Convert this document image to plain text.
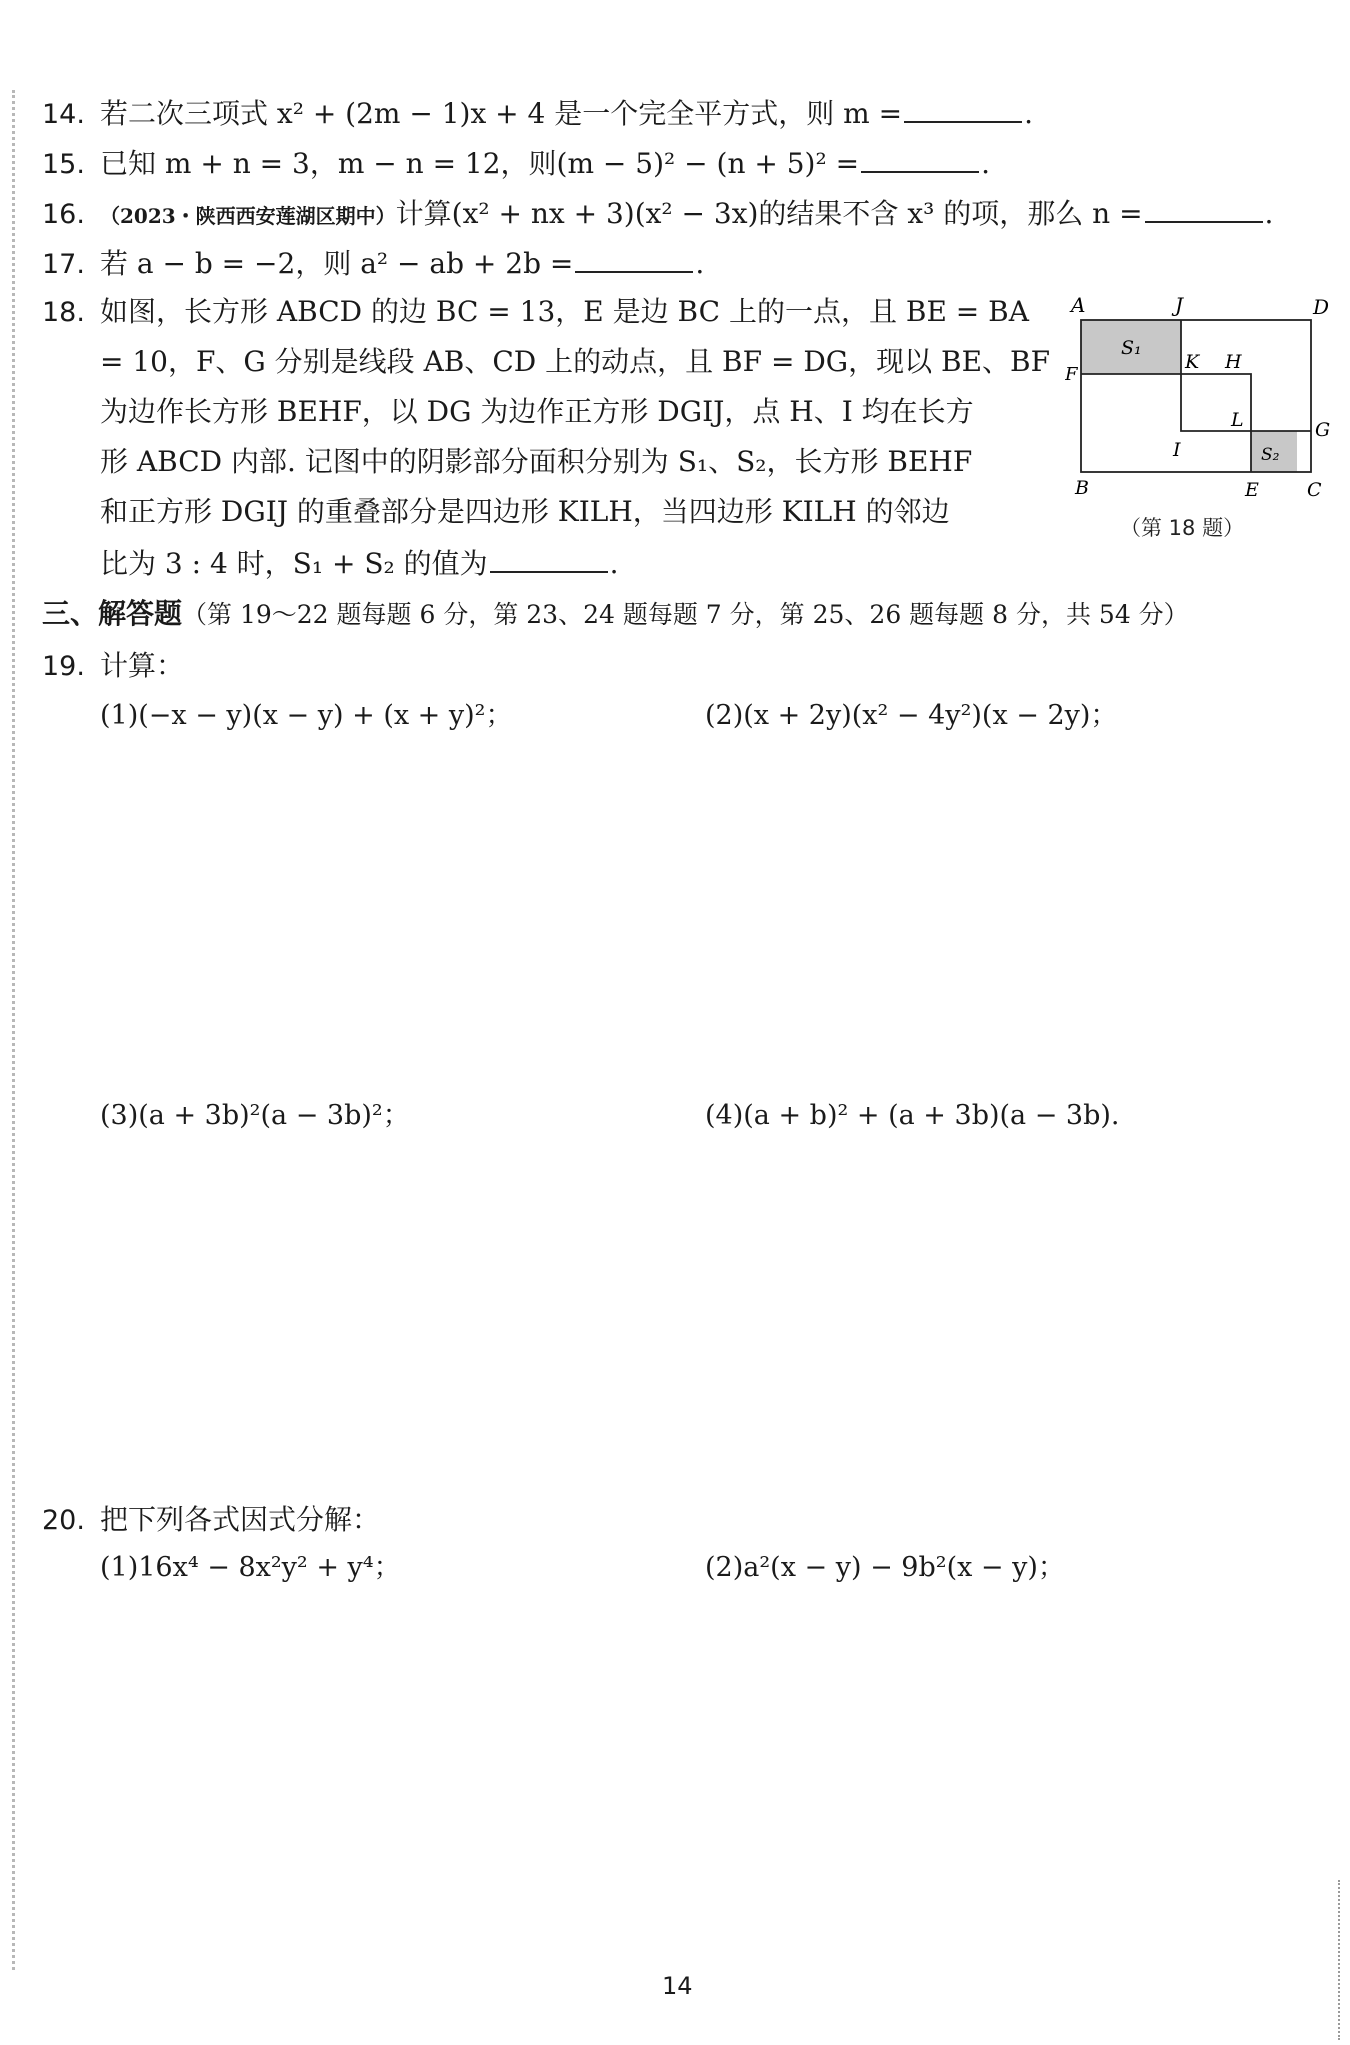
14. 若二次三项式 x² + (2m − 1)x + 4 是一个完全平方式，则 m =	.
15. 已知 m + n = 3，m − n = 12，则(m − 5)² − (n + 5)² =	.
16. （2023・陕西西安莲湖区期中）计算(x² + nx + 3)(x² − 3x)的结果不含 x³ 的项，那么 n =	.
17. 若 a − b = −2，则 a² − ab + 2b =	.
18. 如图，长方形 ABCD 的边 BC = 13，E 是边 BC 上的一点，且 BE = BA
= 10，F、G 分别是线段 AB、CD 上的动点，且 BF = DG，现以 BE、BF
为边作长方形 BEHF，以 DG 为边作正方形 DGIJ，点 H、I 均在长方
形 ABCD 内部. 记图中的阴影部分面积分别为 S₁、S₂，长方形 BEHF
和正方形 DGIJ 的重叠部分是四边形 KILH，当四边形 KILH 的邻边
比为 3 : 4 时，S₁ + S₂ 的值为	.
A	J	D
F
S₁
K H
L	G
I	S₂
B	E	C
（第 18 题）
三、解答题（第 19～22 题每题 6 分，第 23、24 题每题 7 分，第 25、26 题每题 8 分，共 54 分）
19. 计算：
(1)(−x − y)(x − y) + (x + y)²；	(2)(x + 2y)(x² − 4y²)(x − 2y)；
(3)(a + 3b)²(a − 3b)²；	(4)(a + b)² + (a + 3b)(a − 3b).
20. 把下列各式因式分解：
(1)16x⁴ − 8x²y² + y⁴；	(2)a²(x − y) − 9b²(x − y)；
14
